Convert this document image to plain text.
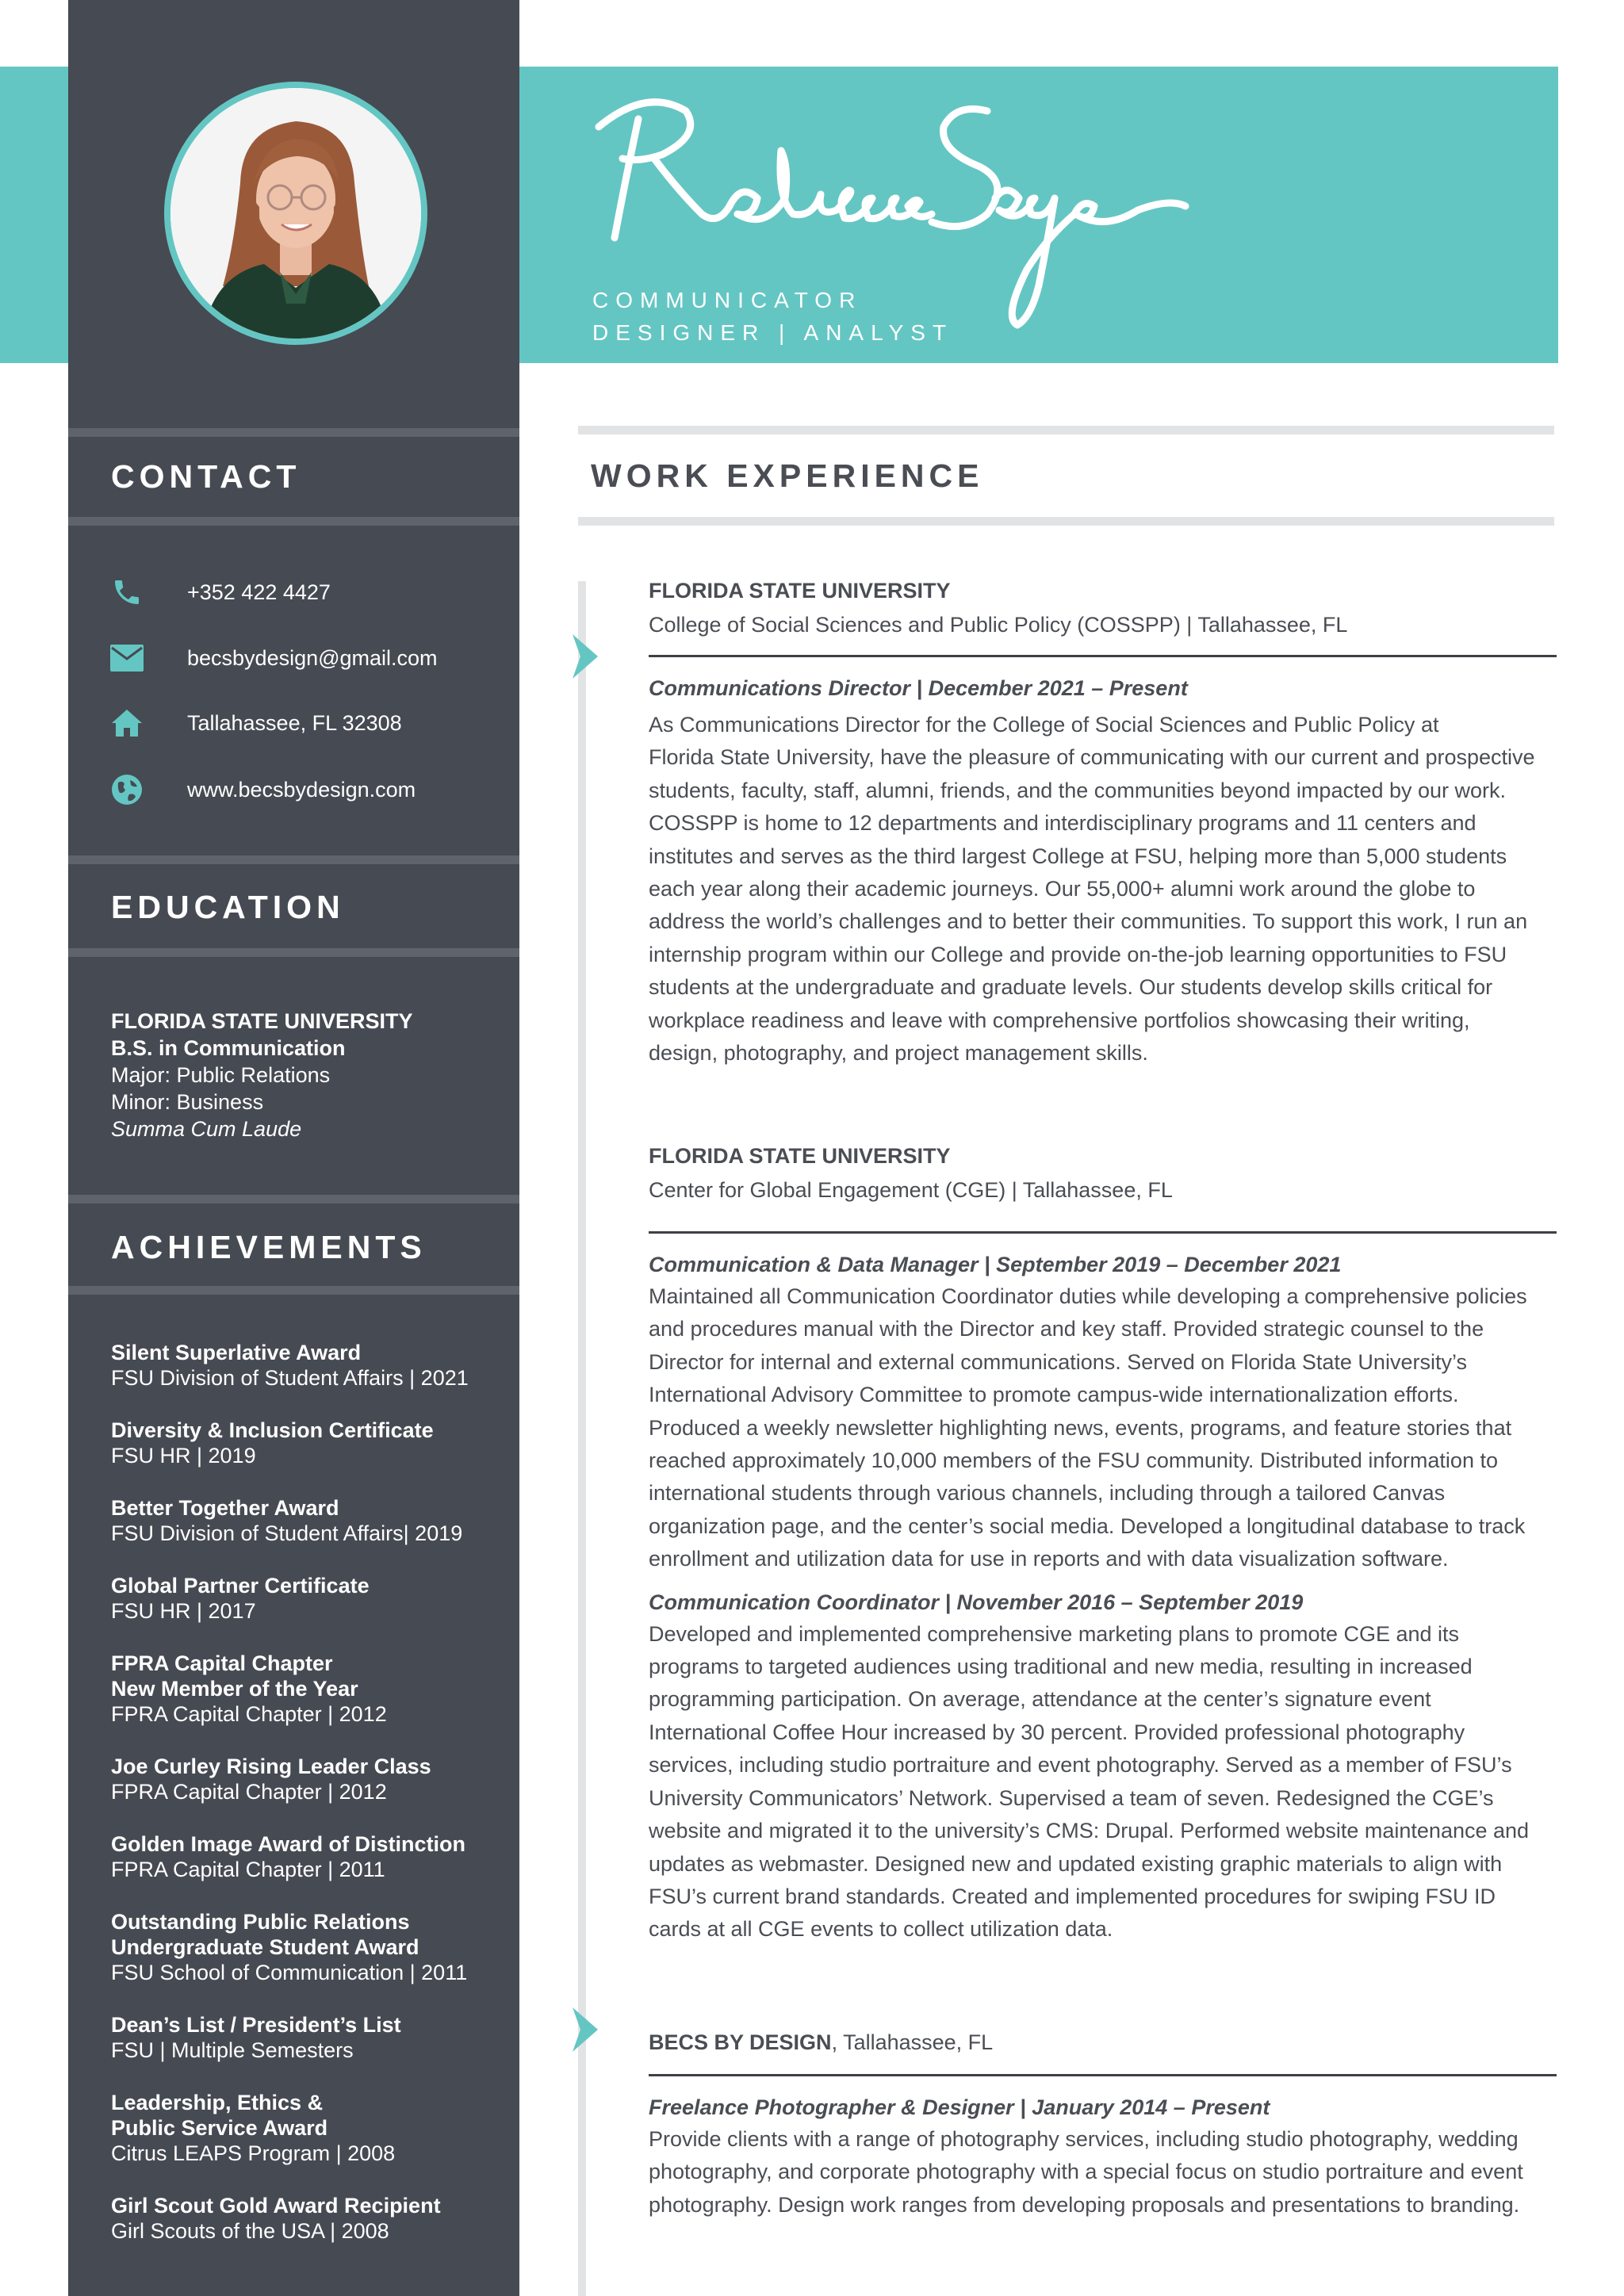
CONTACT
+352 422 4427
becsbydesign@gmail.com
Tallahassee, FL 32308
www.becsbydesign.com
EDUCATION
FLORIDA STATE UNIVERSITY
B.S. in Communication
Major: Public Relations
Minor: Business
Summa Cum Laude
ACHIEVEMENTS
Silent Superlative Award
FSU Division of Student Affairs | 2021
Diversity & Inclusion Certificate
FSU HR | 2019
Better Together Award
FSU Division of Student Affairs| 2019
Global Partner Certificate
FSU HR | 2017
FPRA Capital Chapter
New Member of the Year
FPRA Capital Chapter | 2012
Joe Curley Rising Leader Class
FPRA Capital Chapter | 2012
Golden Image Award of Distinction
FPRA Capital Chapter | 2011
Outstanding Public Relations
Undergraduate Student Award
FSU School of Communication | 2011
Dean’s List / President’s List
FSU | Multiple Semesters
Leadership, Ethics &
Public Service Award
Citrus LEAPS Program | 2008
Girl Scout Gold Award Recipient
Girl Scouts of the USA | 2008
COMMUNICATOR
DESIGNER | ANALYST
WORK EXPERIENCE
FLORIDA STATE UNIVERSITY
College of Social Sciences and Public Policy (COSSPP) | Tallahassee, FL
Communications Director | December 2021 – Present
As Communications Director for the College of Social Sciences and Public Policy at
Florida State University, have the pleasure of communicating with our current and prospective
students, faculty, staff, alumni, friends, and the communities beyond impacted by our work.
COSSPP is home to 12 departments and interdisciplinary programs and 11 centers and
institutes and serves as the third largest College at FSU, helping more than 5,000 students
each year along their academic journeys. Our 55,000+ alumni work around the globe to
address the world’s challenges and to better their communities. To support this work, I run an
internship program within our College and provide on-the-job learning opportunities to FSU
students at the undergraduate and graduate levels. Our students develop skills critical for
workplace readiness and leave with comprehensive portfolios showcasing their writing,
design, photography, and project management skills.
FLORIDA STATE UNIVERSITY
Center for Global Engagement (CGE) | Tallahassee, FL
Communication & Data Manager | September 2019 – December 2021
Maintained all Communication Coordinator duties while developing a comprehensive policies
and procedures manual with the Director and key staff. Provided strategic counsel to the
Director for internal and external communications. Served on Florida State University’s
International Advisory Committee to promote campus-wide internationalization efforts.
Produced a weekly newsletter highlighting news, events, programs, and feature stories that
reached approximately 10,000 members of the FSU community. Distributed information to
international students through various channels, including through a tailored Canvas
organization page, and the center’s social media. Developed a longitudinal database to track
enrollment and utilization data for use in reports and with data visualization software.
Communication Coordinator | November 2016 – September 2019
Developed and implemented comprehensive marketing plans to promote CGE and its
programs to targeted audiences using traditional and new media, resulting in increased
programming participation. On average, attendance at the center’s signature event
International Coffee Hour increased by 30 percent. Provided professional photography
services, including studio portraiture and event photography. Served as a member of FSU’s
University Communicators’ Network. Supervised a team of seven. Redesigned the CGE’s
website and migrated it to the university’s CMS: Drupal. Performed website maintenance and
updates as webmaster. Designed new and updated existing graphic materials to align with
FSU’s current brand standards. Created and implemented procedures for swiping FSU ID
cards at all CGE events to collect utilization data.
BECS BY DESIGN, Tallahassee, FL
Freelance Photographer & Designer | January 2014 – Present
Provide clients with a range of photography services, including studio photography, wedding
photography, and corporate photography with a special focus on studio portraiture and event
photography. Design work ranges from developing proposals and presentations to branding.
